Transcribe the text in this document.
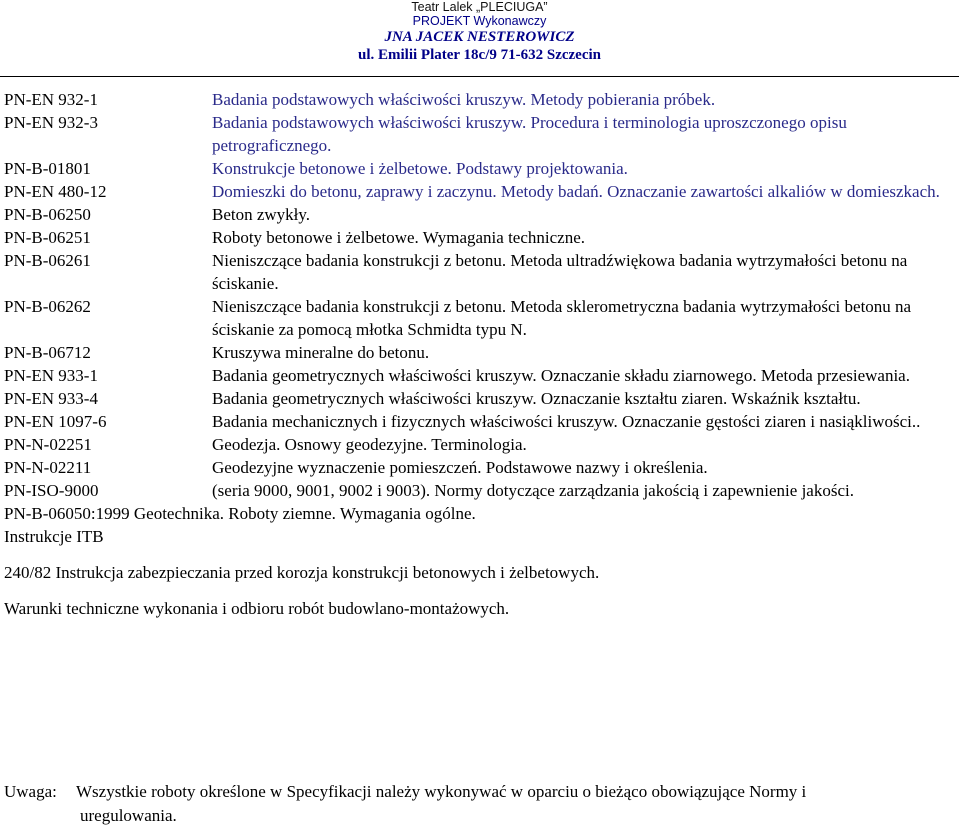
Teatr Lalek „PLECIUGA”
PROJEKT Wykonawczy
JNA JACEK NESTEROWICZ
ul. Emilii Plater 18c/9 71-632 Szczecin
PN-EN 932-1	Badania podstawowych właściwości kruszyw. Metody pobierania próbek.
PN-EN 932-3	Badania podstawowych właściwości kruszyw. Procedura i terminologia uproszczonego opisu petrograficznego.
PN-B-01801	Konstrukcje betonowe i żelbetowe. Podstawy projektowania.
PN-EN 480-12	Domieszki do betonu, zaprawy i zaczynu. Metody badań. Oznaczanie zawartości alkaliów w domieszkach.
PN-B-06250	Beton zwykły.
PN-B-06251	Roboty betonowe i żelbetowe. Wymagania techniczne.
PN-B-06261	Nieniszczące badania konstrukcji z betonu. Metoda ultradźwiękowa badania wytrzymałości betonu na ściskanie.
PN-B-06262	Nieniszczące badania konstrukcji z betonu. Metoda sklerometryczna badania wytrzymałości betonu na ściskanie za pomocą młotka Schmidta typu N.
PN-B-06712	Kruszywa mineralne do betonu.
PN-EN 933-1	Badania geometrycznych właściwości kruszyw. Oznaczanie składu ziarnowego. Metoda przesiewania.
PN-EN 933-4	Badania geometrycznych właściwości kruszyw. Oznaczanie kształtu ziaren. Wskaźnik kształtu.
PN-EN 1097-6	Badania mechanicznych i fizycznych właściwości kruszyw. Oznaczanie gęstości ziaren i nasiąkliwości..
PN-N-02251	Geodezja. Osnowy geodezyjne. Terminologia.
PN-N-02211	Geodezyjne wyznaczenie pomieszczeń. Podstawowe nazwy i określenia.
PN-ISO-9000	(seria 9000, 9001, 9002 i 9003). Normy dotyczące zarządzania jakością i zapewnienie jakości.
PN-B-06050:1999 Geotechnika. Roboty ziemne. Wymagania ogólne.
Instrukcje ITB
240/82 Instrukcja zabezpieczania przed korozja konstrukcji betonowych i żelbetowych.
Warunki techniczne wykonania i odbioru robót budowlano-montażowych.
Uwaga:	Wszystkie roboty określone w Specyfikacji należy wykonywać w oparciu o bieżąco obowiązujące Normy i
uregulowania.
